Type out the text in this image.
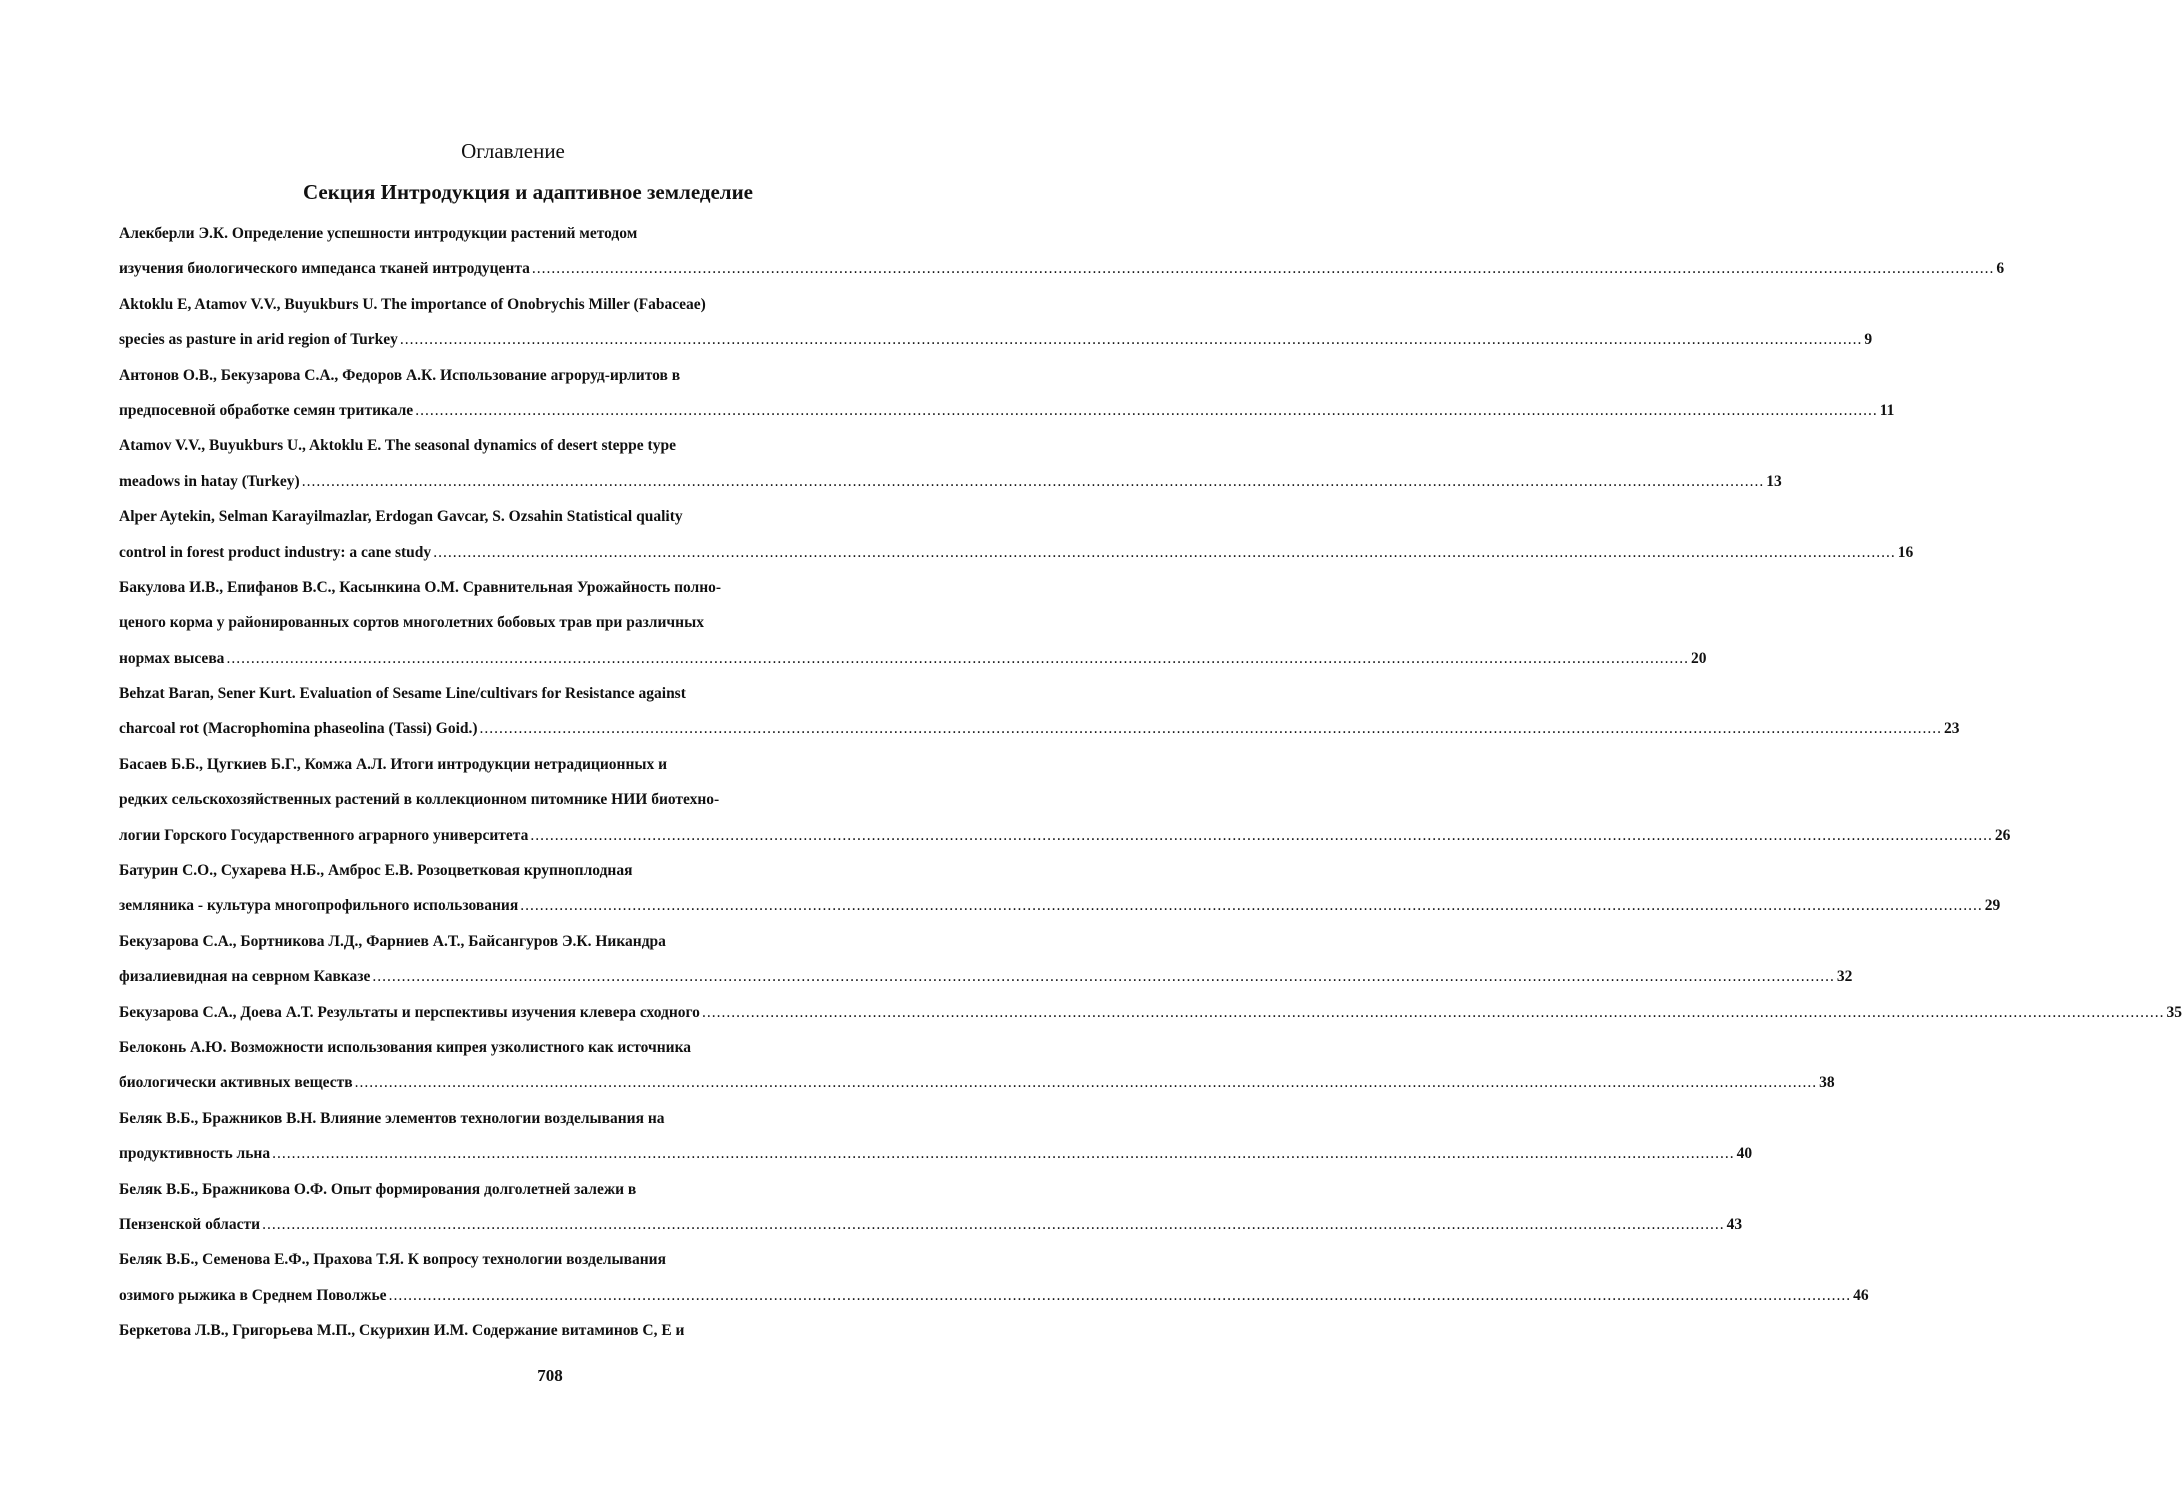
Оглавление
Секция Интродукция и адаптивное земледелие
Алекберли Э.К. Определение успешности интродукции растений методом
изучения биологического импеданса тканей интродуцента ............................................................................................................................................................................................................................................................................................................ 6
Aktoklu E, Atamov V.V., Buyukburs U. The importance of Onobrychis Miller (Fabaceae)
species as pasture in arid region of Turkey ............................................................................................................................................................................................................................................................................................................ 9
Антонов О.В., Бекузарова С.А., Федоров А.К. Использование агроруд-ирлитов в
предпосевной обработке семян тритикале ............................................................................................................................................................................................................................................................................................................ 11
Atamov V.V., Buyukburs U., Aktoklu E. The seasonal dynamics of desert steppe type
meadows in hatay (Turkey) ............................................................................................................................................................................................................................................................................................................ 13
Alper Aytekin, Selman Karayilmazlar, Erdogan Gavcar, S. Ozsahin Statistical quality
control in forest product industry: a cane study ............................................................................................................................................................................................................................................................................................................ 16
Бакулова И.В., Епифанов В.С., Касынкина О.М. Сравнительная Урожайность полно-
ценого корма у районированных сортов многолетних бобовых трав при различных
нормах высева ............................................................................................................................................................................................................................................................................................................ 20
Behzat Baran, Sener Kurt. Evaluation of Sesame Line/cultivars for Resistance against
charcoal rot (Macrophomina phaseolina (Tassi) Goid.) ............................................................................................................................................................................................................................................................................................................ 23
Басаев Б.Б., Цугкиев Б.Г., Комжа А.Л. Итоги интродукции нетрадиционных и
редких сельскохозяйственных растений в коллекционном питомнике НИИ биотехно-
логии Горского Государственного аграрного университета ............................................................................................................................................................................................................................................................................................................ 26
Батурин С.О., Сухарева Н.Б., Амброс Е.В. Розоцветковая крупноплодная
земляника - культура многопрофильного использования ............................................................................................................................................................................................................................................................................................................ 29
Бекузарова С.А., Бортникова Л.Д., Фарниев А.Т., Байсангуров Э.К. Никандра
физалиевидная на севрном Кавказе ............................................................................................................................................................................................................................................................................................................ 32
Бекузарова С.А., Доева А.Т. Результаты и перспективы изучения клевера сходного ............................................................................................................................................................................................................................................................................................................ 35
Белоконь А.Ю. Возможности использования кипрея узколистного как источника
биологически активных веществ ............................................................................................................................................................................................................................................................................................................ 38
Беляк В.Б., Бражников В.Н. Влияние элементов технологии возделывания на
продуктивность льна ............................................................................................................................................................................................................................................................................................................ 40
Беляк В.Б., Бражникова О.Ф. Опыт формирования долголетней залежи в
Пензенской области ............................................................................................................................................................................................................................................................................................................ 43
Беляк В.Б., Семенова Е.Ф., Прахова Т.Я. К вопросу технологии возделывания
озимого рыжика в Среднем Поволжье ............................................................................................................................................................................................................................................................................................................ 46
Беркетова Л.В., Григорьева М.П., Скурихин И.М. Содержание витаминов С, Е и
708
